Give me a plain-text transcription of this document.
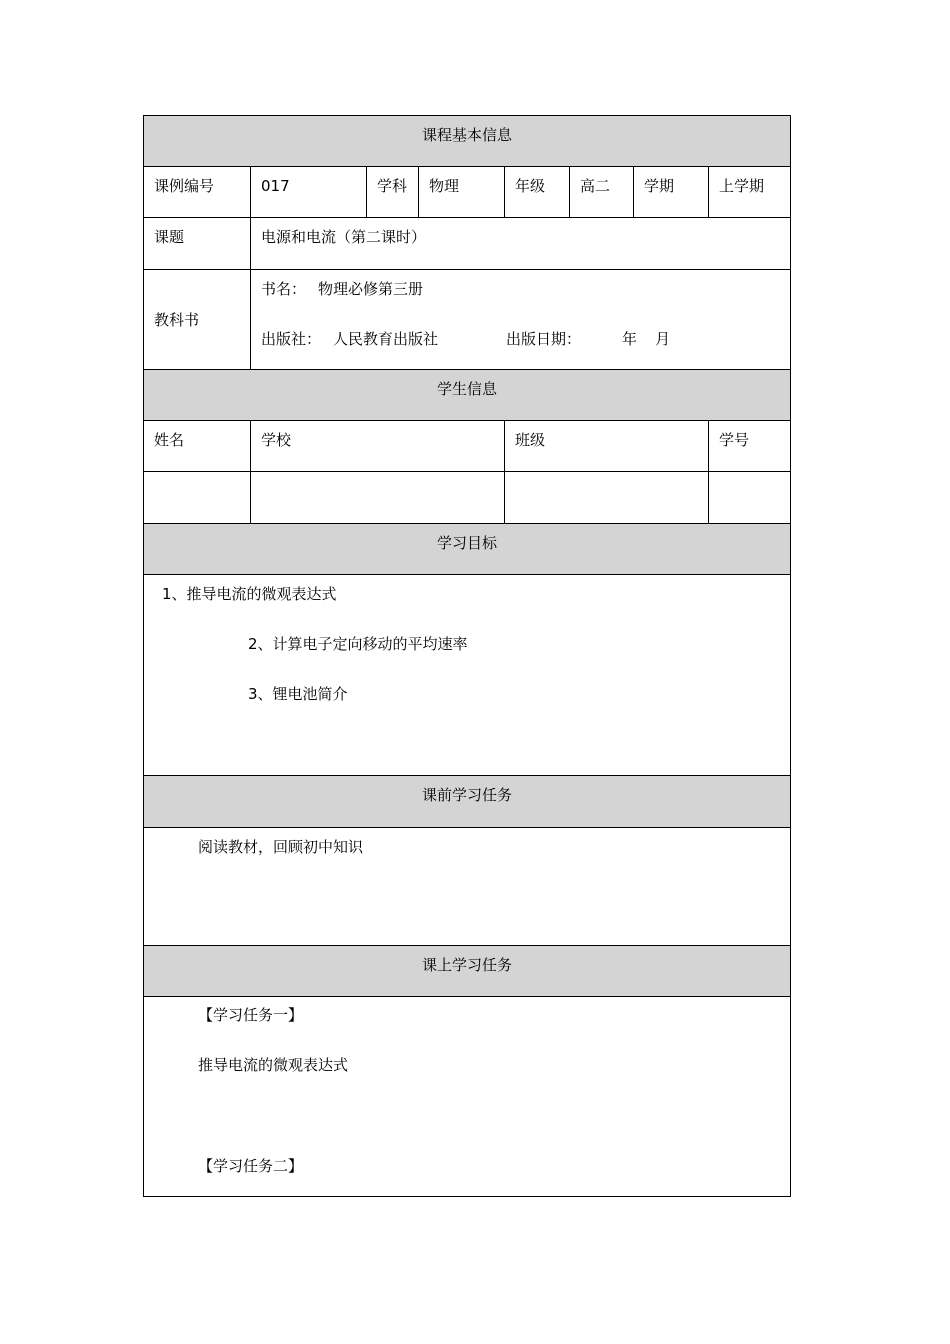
课程基本信息							
课例编号	017	学科	物理	年级	高二	学期	上学期
课题	电源和电流（第二课时）						
教科书	书名： 物理必修第三册
出版社： 人民教育出版社 出版日期： 年 月						

学生信息							
姓名	学校			班级			学号

学习目标							

1、推导电流的微观表达式
2、计算电子定向移动的平均速率
3、锂电池简介							

课前学习任务							

阅读教材，回顾初中知识							

课上学习任务							

【学习任务一】
推导电流的微观表达式
【学习任务二】							
